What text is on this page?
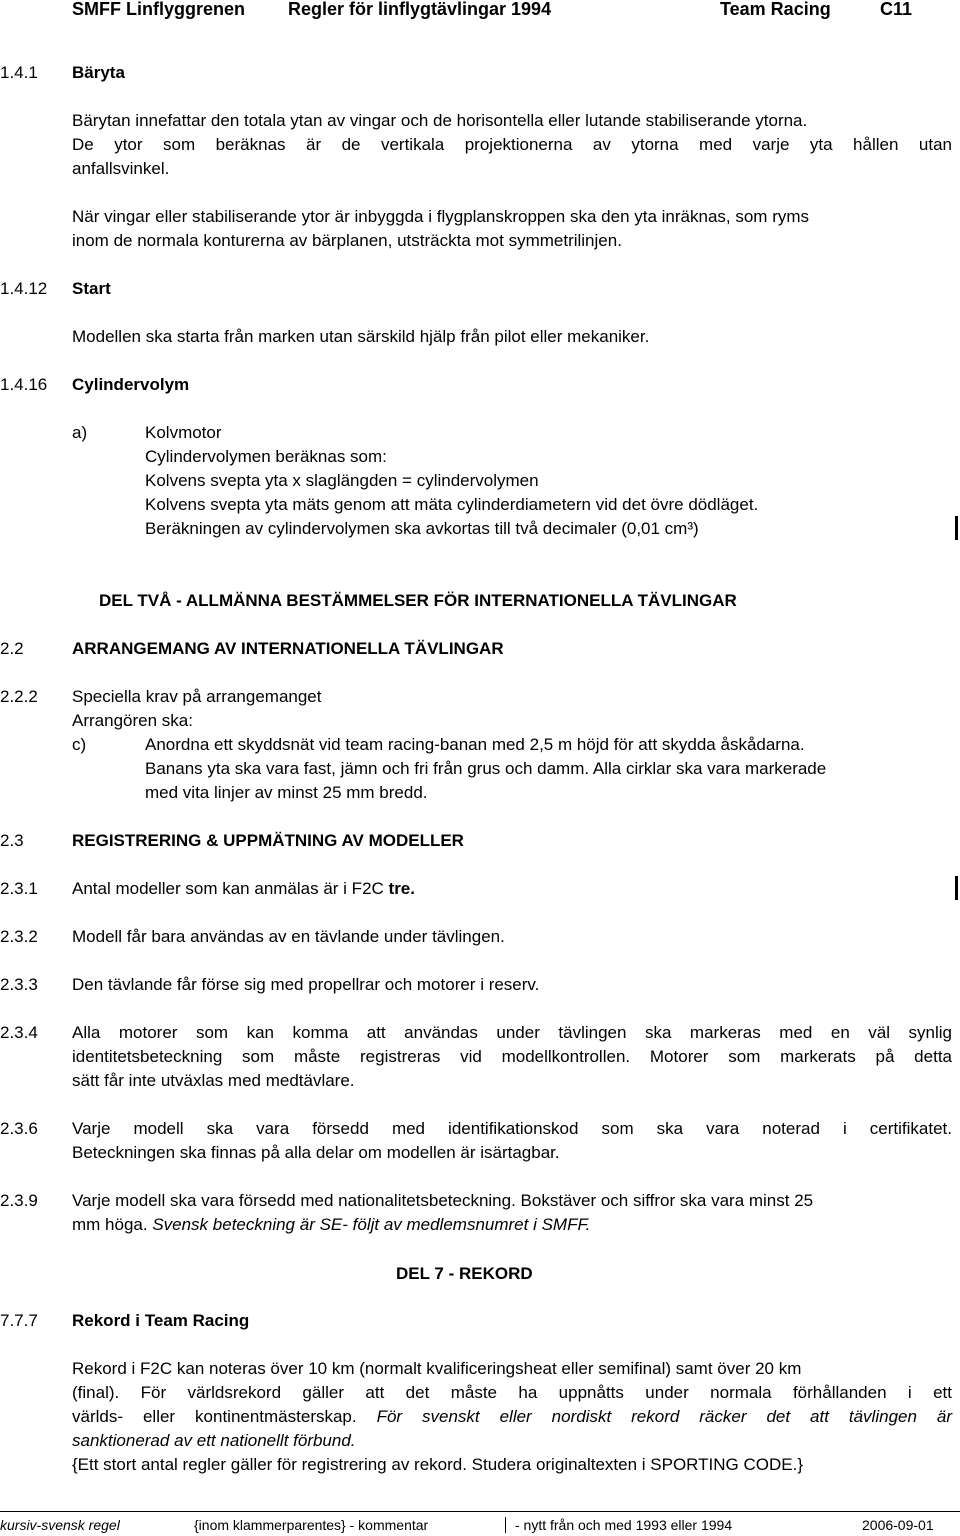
SMFF Linflyggrenen Regler för linflygtävlingar 1994	Team Racing	C11
1.4.1 Bäryta
Bärytan innefattar den totala ytan av vingar och de horisontella eller lutande stabiliserande ytorna.
De ytor som beräknas är de vertikala projektionerna av ytorna med varje yta hållen utan
anfallsvinkel.
När vingar eller stabiliserande ytor är inbyggda i flygplanskroppen ska den yta inräknas, som ryms
inom de normala konturerna av bärplanen, utsträckta mot symmetrilinjen.
1.4.12 Start
Modellen ska starta från marken utan särskild hjälp från pilot eller mekaniker.
1.4.16 Cylindervolym
a)	Kolvmotor
Cylindervolymen beräknas som:
Kolvens svepta yta x slaglängden = cylindervolymen
Kolvens svepta yta mäts genom att mäta cylinderdiametern vid det övre dödläget.
Beräkningen av cylindervolymen ska avkortas till två decimaler (0,01 cm³)
DEL TVÅ - ALLMÄNNA BESTÄMMELSER FÖR INTERNATIONELLA TÄVLINGAR
2.2	ARRANGEMANG AV INTERNATIONELLA TÄVLINGAR
2.2.2 Speciella krav på arrangemanget
Arrangören ska:
c)	Anordna ett skyddsnät vid team racing-banan med 2,5 m höjd för att skydda åskådarna.
Banans yta ska vara fast, jämn och fri från grus och damm. Alla cirklar ska vara markerade
med vita linjer av minst 25 mm bredd.
2.3	REGISTRERING & UPPMÄTNING AV MODELLER
2.3.1 Antal modeller som kan anmälas är i F2C tre.
2.3.2 Modell får bara användas av en tävlande under tävlingen.
2.3.3 Den tävlande får förse sig med propellrar och motorer i reserv.
2.3.4 Alla motorer som kan komma att användas under tävlingen ska markeras med en väl synlig
identitetsbeteckning som måste registreras vid modellkontrollen. Motorer som markerats på detta
sätt får inte utväxlas med medtävlare.
2.3.6 Varje modell ska vara försedd med identifikationskod som ska vara noterad i certifikatet.
Beteckningen ska finnas på alla delar om modellen är isärtagbar.
2.3.9 Varje modell ska vara försedd med nationalitetsbeteckning. Bokstäver och siffror ska vara minst 25
mm höga. Svensk beteckning är SE- följt av medlemsnumret i SMFF.
DEL 7 - REKORD
7.7.7 Rekord i Team Racing
Rekord i F2C kan noteras över 10 km (normalt kvalificeringsheat eller semifinal) samt över 20 km
(final). För världsrekord gäller att det måste ha uppnåtts under normala förhållanden i ett
världs- eller kontinentmästerskap. För svenskt eller nordiskt rekord räcker det att tävlingen är
sanktionerad av ett nationellt förbund.
{Ett stort antal regler gäller för registrering av rekord. Studera originaltexten i SPORTING CODE.}
kursiv-svensk regel	{inom klammerparentes} - kommentar	- nytt från och med 1993 eller 1994	2006-09-01
